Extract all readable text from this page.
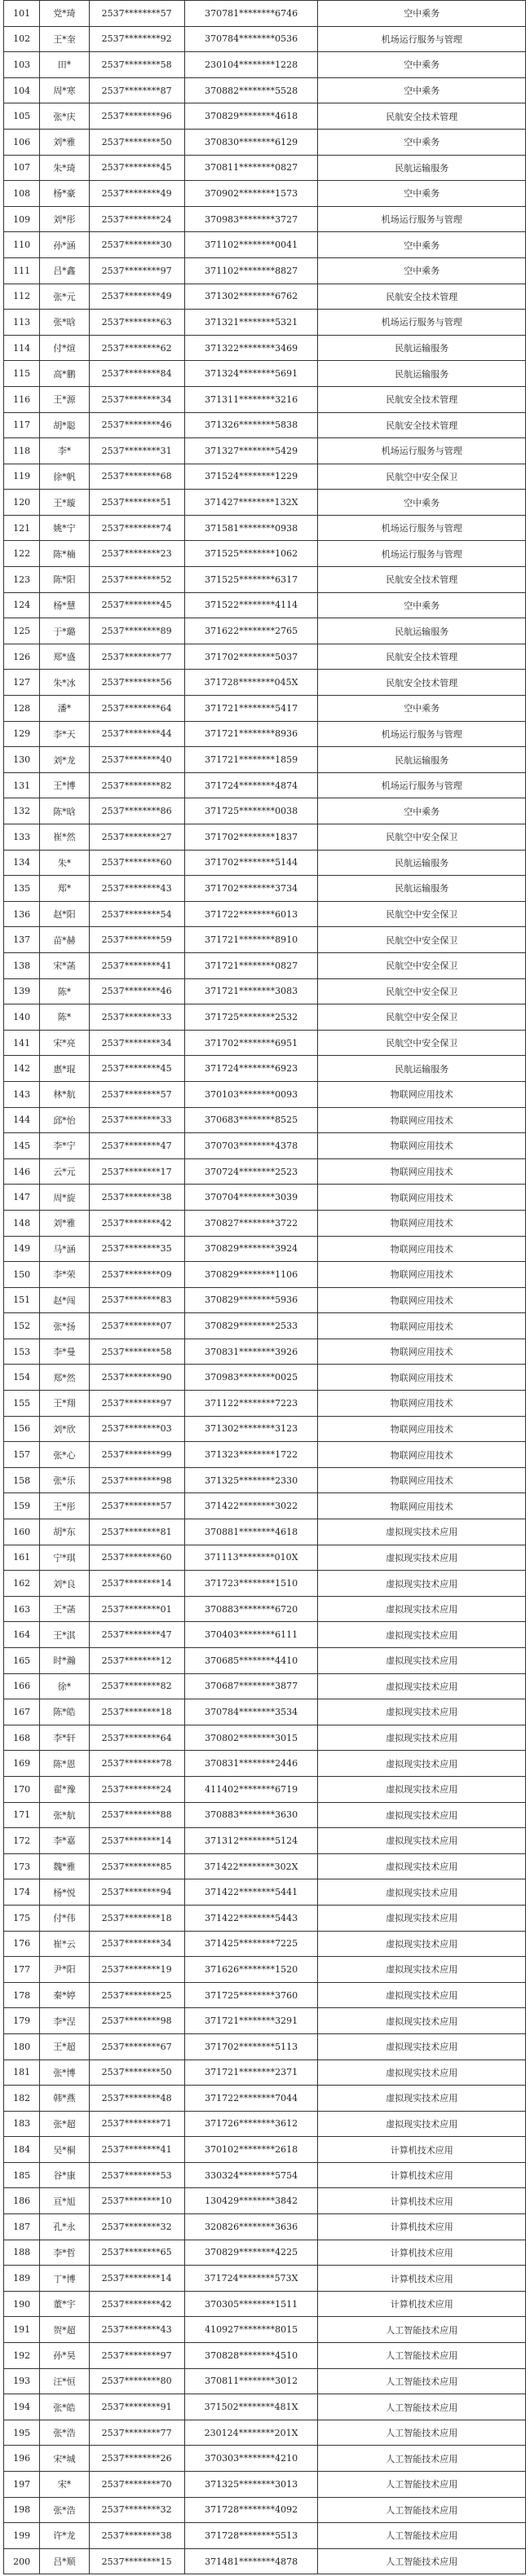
101	党*琦	2537********57	370781********6746	空中乘务
102	王*奎	2537********92	370784********0536	机场运行服务与管理
103	田*	2537********58	230104********1228	空中乘务
104	周*寒	2537********87	370882********5528	空中乘务
105	张*庆	2537********96	370829********4618	民航安全技术管理
106	刘*雅	2537********50	370830********6129	空中乘务
107	朱*琦	2537********45	370811********0827	民航运输服务
108	杨*豪	2537********49	370902********1573	空中乘务
109	刘*彤	2537********24	370983********3727	机场运行服务与管理
110	孙*涵	2537********30	371102********0041	空中乘务
111	吕*鑫	2537********97	371102********8827	空中乘务
112	张*元	2537********49	371302********6762	民航安全技术管理
113	张*晗	2537********63	371321********5321	机场运行服务与管理
114	付*煊	2537********62	371322********3469	民航运输服务
115	高*鹏	2537********84	371324********5691	民航运输服务
116	王*源	2537********34	371311********3216	民航安全技术管理
117	胡*聪	2537********46	371326********5838	民航安全技术管理
118	李*	2537********31	371327********5429	机场运行服务与管理
119	徐*帆	2537********68	371524********1229	民航空中安全保卫
120	王*璇	2537********51	371427********132X	空中乘务
121	姚*宁	2537********74	371581********0938	机场运行服务与管理
122	陈*楠	2537********23	371525********1062	机场运行服务与管理
123	陈*阳	2537********52	371525********6317	民航安全技术管理
124	杨*慧	2537********45	371522********4114	空中乘务
125	于*璐	2537********89	371622********2765	民航运输服务
126	郑*盛	2537********77	371702********5037	民航安全技术管理
127	朱*冰	2537********56	371728********045X	民航安全技术管理
128	潘*	2537********64	371721********5417	空中乘务
129	李*天	2537********44	371721********8936	机场运行服务与管理
130	刘*龙	2537********40	371721********1859	民航运输服务
131	王*博	2537********82	371724********4874	机场运行服务与管理
132	陈*晗	2537********86	371725********0038	空中乘务
133	崔*然	2537********27	371702********1837	民航空中安全保卫
134	朱*	2537********60	371702********5144	民航运输服务
135	郑*	2537********43	371702********3734	民航运输服务
136	赵*阳	2537********54	371722********6013	民航空中安全保卫
137	苗*赫	2537********59	371721********8910	民航空中安全保卫
138	宋*菡	2537********41	371721********0827	民航空中安全保卫
139	陈*	2537********46	371721********3083	民航空中安全保卫
140	陈*	2537********33	371725********2532	民航空中安全保卫
141	宋*亮	2537********34	371702********6951	民航空中安全保卫
142	惠*琨	2537********45	371724********6923	民航运输服务
143	林*航	2537********57	370103********0093	物联网应用技术
144	邱*怡	2537********33	370683********8525	物联网应用技术
145	李*宁	2537********47	370703********4378	物联网应用技术
146	云*元	2537********17	370724********2523	物联网应用技术
147	周*旋	2537********38	370704********3039	物联网应用技术
148	刘*雅	2537********42	370827********3722	物联网应用技术
149	马*涵	2537********35	370829********3924	物联网应用技术
150	李*荣	2537********09	370829********1106	物联网应用技术
151	赵*闯	2537********83	370829********5936	物联网应用技术
152	张*扬	2537********07	370829********2533	物联网应用技术
153	李*曼	2537********58	370831********3926	物联网应用技术
154	郑*然	2537********90	370983********0025	物联网应用技术
155	王*翔	2537********97	371122********7223	物联网应用技术
156	刘*欣	2537********03	371302********3123	物联网应用技术
157	张*心	2537********99	371323********1722	物联网应用技术
158	张*乐	2537********98	371325********2330	物联网应用技术
159	王*彤	2537********57	371422********3022	物联网应用技术
160	胡*东	2537********81	370881********4618	虚拟现实技术应用
161	宁*琪	2537********60	371113********010X	虚拟现实技术应用
162	刘*良	2537********14	371723********1510	虚拟现实技术应用
163	王*菡	2537********01	370883********6720	虚拟现实技术应用
164	王*淇	2537********47	370403********6111	虚拟现实技术应用
165	时*瀚	2537********12	370685********4410	虚拟现实技术应用
166	徐*	2537********82	370687********3877	虚拟现实技术应用
167	陈*皓	2537********18	370784********3534	虚拟现实技术应用
168	李*轩	2537********64	370802********3015	虚拟现实技术应用
169	陈*恩	2537********78	370831********2446	虚拟现实技术应用
170	翟*豫	2537********24	411402********6719	虚拟现实技术应用
171	张*航	2537********88	370883********3630	虚拟现实技术应用
172	李*嘉	2537********14	371312********5124	虚拟现实技术应用
173	魏*雅	2537********85	371422********302X	虚拟现实技术应用
174	杨*悦	2537********94	371422********5441	虚拟现实技术应用
175	付*伟	2537********18	371422********5443	虚拟现实技术应用
176	崔*云	2537********34	371425********7225	虚拟现实技术应用
177	尹*阳	2537********19	371626********1520	虚拟现实技术应用
178	秦*婷	2537********25	371725********3760	虚拟现实技术应用
179	李*涅	2537********98	371721********3291	虚拟现实技术应用
180	王*超	2537********67	371702********5113	虚拟现实技术应用
181	张*博	2537********50	371721********2371	虚拟现实技术应用
182	韩*燕	2537********48	371722********7044	虚拟现实技术应用
183	张*超	2537********71	371726********3612	虚拟现实技术应用
184	吴*桐	2537********41	370102********2618	计算机技术应用
185	谷*康	2537********53	330324********5754	计算机技术应用
186	亘*旭	2537********10	130429********3842	计算机技术应用
187	孔*永	2537********32	320826********3636	计算机技术应用
188	李*哲	2537********65	370829********4225	计算机技术应用
189	丁*博	2537********14	371724********573X	计算机技术应用
190	董*宇	2537********42	370305********1511	计算机技术应用
191	贺*超	2537********43	410927********8015	人工智能技术应用
192	孙*昊	2537********97	370828********4510	人工智能技术应用
193	汪*恒	2537********80	370811********3012	人工智能技术应用
194	张*皓	2537********91	371502********481X	人工智能技术应用
195	张*浩	2537********77	230124********201X	人工智能技术应用
196	宋*城	2537********26	370303********4210	人工智能技术应用
197	宋*	2537********70	371325********3013	人工智能技术应用
198	张*浩	2537********32	371728********4092	人工智能技术应用
199	许*龙	2537********38	371728********5513	人工智能技术应用
200	吕*顺	2537********15	371481********4878	人工智能技术应用
